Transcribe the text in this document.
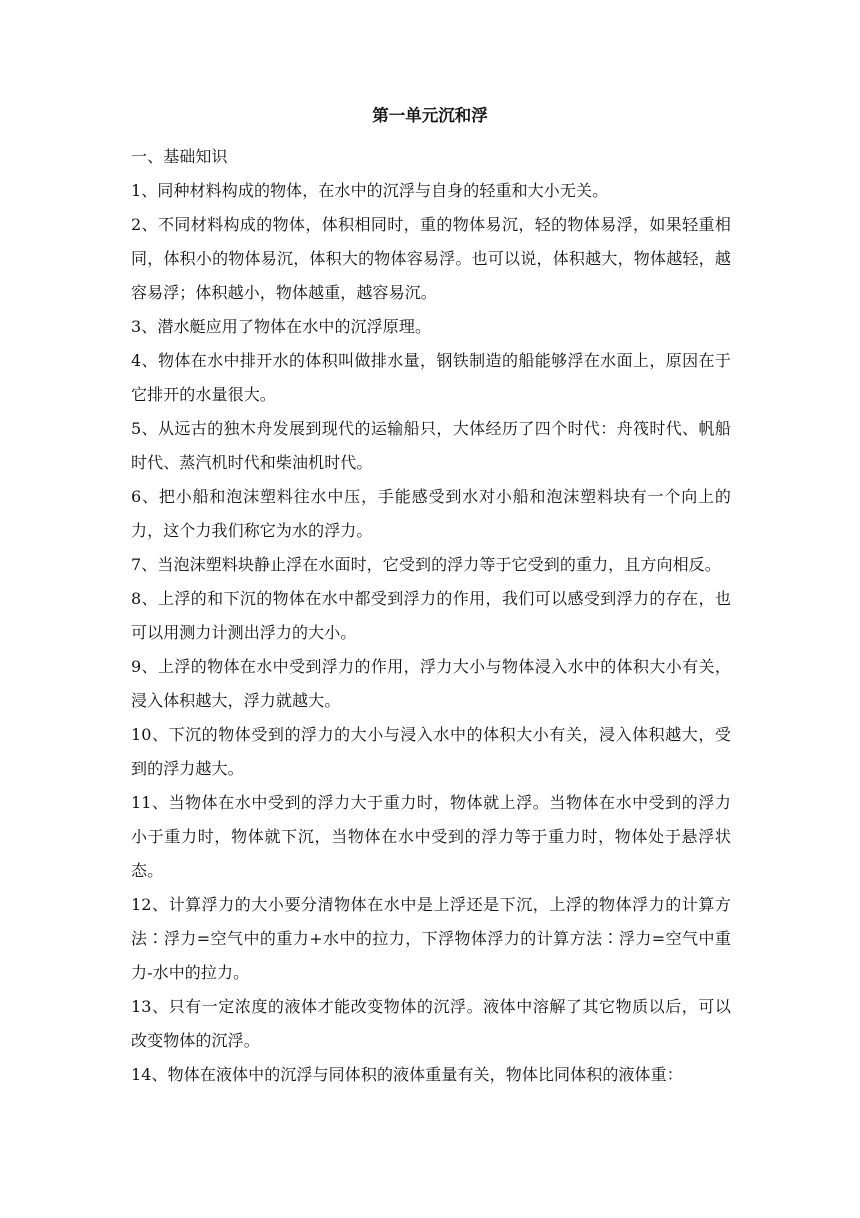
第一单元沉和浮

一、基础知识

1、同种材料构成的物体，在水中的沉浮与自身的轻重和大小无关。

2、不同材料构成的物体，体积相同时，重的物体易沉，轻的物体易浮，如果轻重相同，体积小的物体易沉，体积大的物体容易浮。也可以说，体积越大，物体越轻，越容易浮；体积越小，物体越重，越容易沉。

3、潜水艇应用了物体在水中的沉浮原理。

4、物体在水中排开水的体积叫做排水量，钢铁制造的船能够浮在水面上，原因在于它排开的水量很大。

5、从远古的独木舟发展到现代的运输船只，大体经历了四个时代：舟筏时代、帆船时代、蒸汽机时代和柴油机时代。

6、把小船和泡沫塑料往水中压，手能感受到水对小船和泡沫塑料块有一个向上的力，这个力我们称它为水的浮力。

7、当泡沫塑料块静止浮在水面时，它受到的浮力等于它受到的重力，且方向相反。

8、上浮的和下沉的物体在水中都受到浮力的作用，我们可以感受到浮力的存在，也可以用测力计测出浮力的大小。

9、上浮的物体在水中受到浮力的作用，浮力大小与物体浸入水中的体积大小有关，浸入体积越大，浮力就越大。

10、下沉的物体受到的浮力的大小与浸入水中的体积大小有关，浸入体积越大，受到的浮力越大。

11、当物体在水中受到的浮力大于重力时，物体就上浮。当物体在水中受到的浮力小于重力时，物体就下沉，当物体在水中受到的浮力等于重力时，物体处于悬浮状态。

12、计算浮力的大小要分清物体在水中是上浮还是下沉，上浮的物体浮力的计算方法∶浮力=空气中的重力+水中的拉力，下浮物体浮力的计算方法∶浮力=空气中重力-水中的拉力。

13、只有一定浓度的液体才能改变物体的沉浮。液体中溶解了其它物质以后，可以改变物体的沉浮。

14、物体在液体中的沉浮与同体积的液体重量有关，物体比同体积的液体重：
